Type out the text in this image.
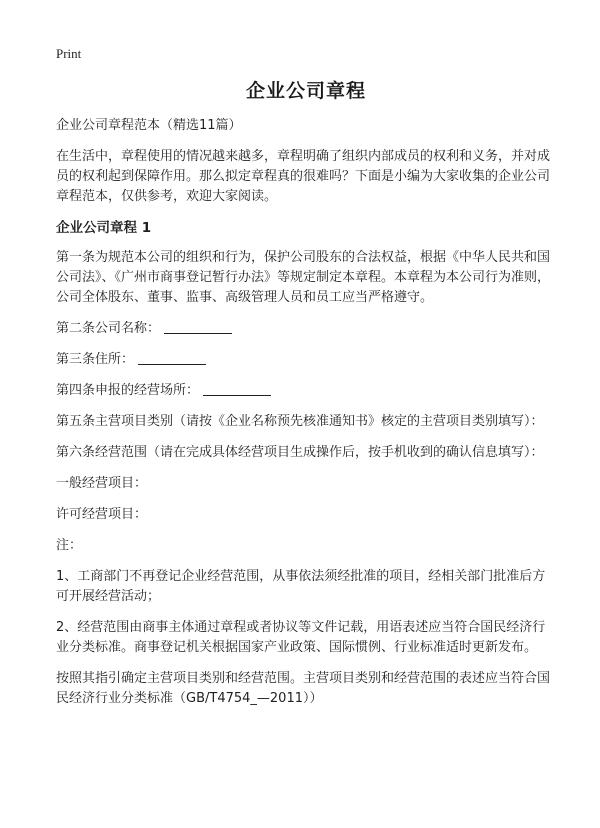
Print
企业公司章程

企业公司章程范本（精选11篇）

在生活中，章程使用的情况越来越多，章程明确了组织内部成员的权利和义务，并对成员的权利起到保障作用。那么拟定章程真的很难吗？下面是小编为大家收集的企业公司章程范本，仅供参考，欢迎大家阅读。

企业公司章程 1

第一条为规范本公司的组织和行为，保护公司股东的合法权益，根据《中华人民共和国公司法》、《广州市商事登记暂行办法》等规定制定本章程。本章程为本公司行为准则，公司全体股东、董事、监事、高级管理人员和员工应当严格遵守。

第二条公司名称：

第三条住所：

第四条申报的经营场所：

第五条主营项目类别（请按《企业名称预先核准通知书》核定的主营项目类别填写）：

第六条经营范围（请在完成具体经营项目生成操作后，按手机收到的确认信息填写）：

一般经营项目：

许可经营项目：

注：

1、工商部门不再登记企业经营范围，从事依法须经批准的项目，经相关部门批准后方可开展经营活动；

2、经营范围由商事主体通过章程或者协议等文件记载，用语表述应当符合国民经济行业分类标准。商事登记机关根据国家产业政策、国际惯例、行业标准适时更新发布。

按照其指引确定主营项目类别和经营范围。主营项目类别和经营范围的表述应当符合国民经济行业分类标准（GB/T4754_—2011））
